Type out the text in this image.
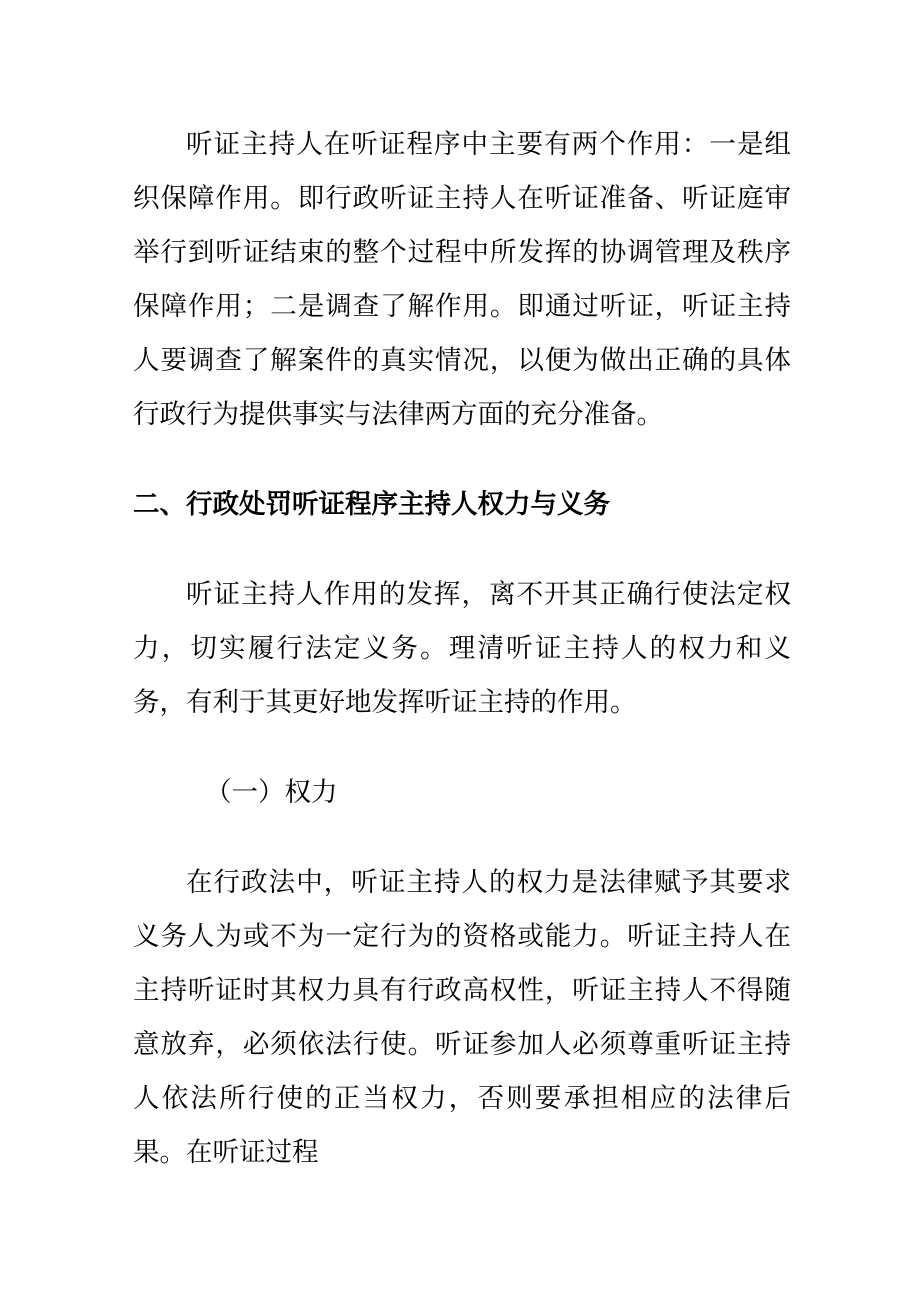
听证主持人在听证程序中主要有两个作用：一是组织保障作用。即行政听证主持人在听证准备、听证庭审举行到听证结束的整个过程中所发挥的协调管理及秩序保障作用；二是调查了解作用。即通过听证，听证主持人要调查了解案件的真实情况，以便为做出正确的具体行政行为提供事实与法律两方面的充分准备。

二、行政处罚听证程序主持人权力与义务

听证主持人作用的发挥，离不开其正确行使法定权力，切实履行法定义务。理清听证主持人的权力和义务，有利于其更好地发挥听证主持的作用。

（一）权力

在行政法中，听证主持人的权力是法律赋予其要求义务人为或不为一定行为的资格或能力。听证主持人在主持听证时其权力具有行政高权性，听证主持人不得随意放弃，必须依法行使。听证参加人必须尊重听证主持人依法所行使的正当权力，否则要承担相应的法律后果。在听证过程
